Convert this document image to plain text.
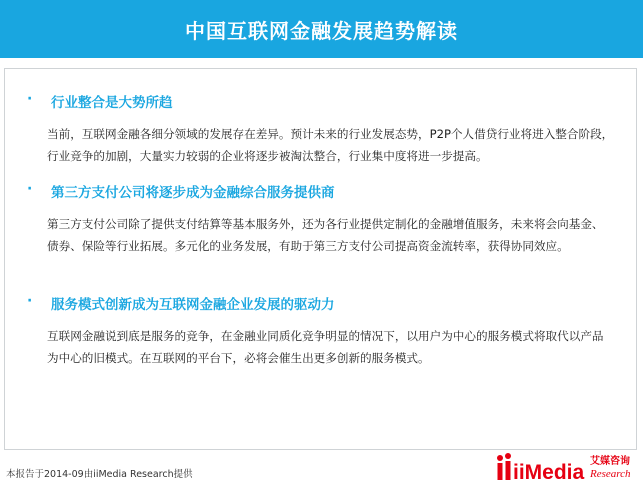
中国互联网金融发展趋势解读
· 行业整合是大势所趋
当前，互联网金融各细分领域的发展存在差异。预计未来的行业发展态势，P2P个人借贷行业将进入整合阶段，行业竞争的加剧，大量实力较弱的企业将逐步被淘汰整合，行业集中度将进一步提高。
· 第三方支付公司将逐步成为金融综合服务提供商
第三方支付公司除了提供支付结算等基本服务外，还为各行业提供定制化的金融增值服务，未来将会向基金、债券、保险等行业拓展。多元化的业务发展，有助于第三方支付公司提高资金流转率，获得协同效应。
· 服务模式创新成为互联网金融企业发展的驱动力
互联网金融说到底是服务的竞争，在金融业同质化竞争明显的情况下，以用户为中心的服务模式将取代以产品为中心的旧模式。在互联网的平台下，必将会催生出更多创新的服务模式。
本报告于2014-09由iiMedia Research提供	iiMedia 艾媒咨询
Research
